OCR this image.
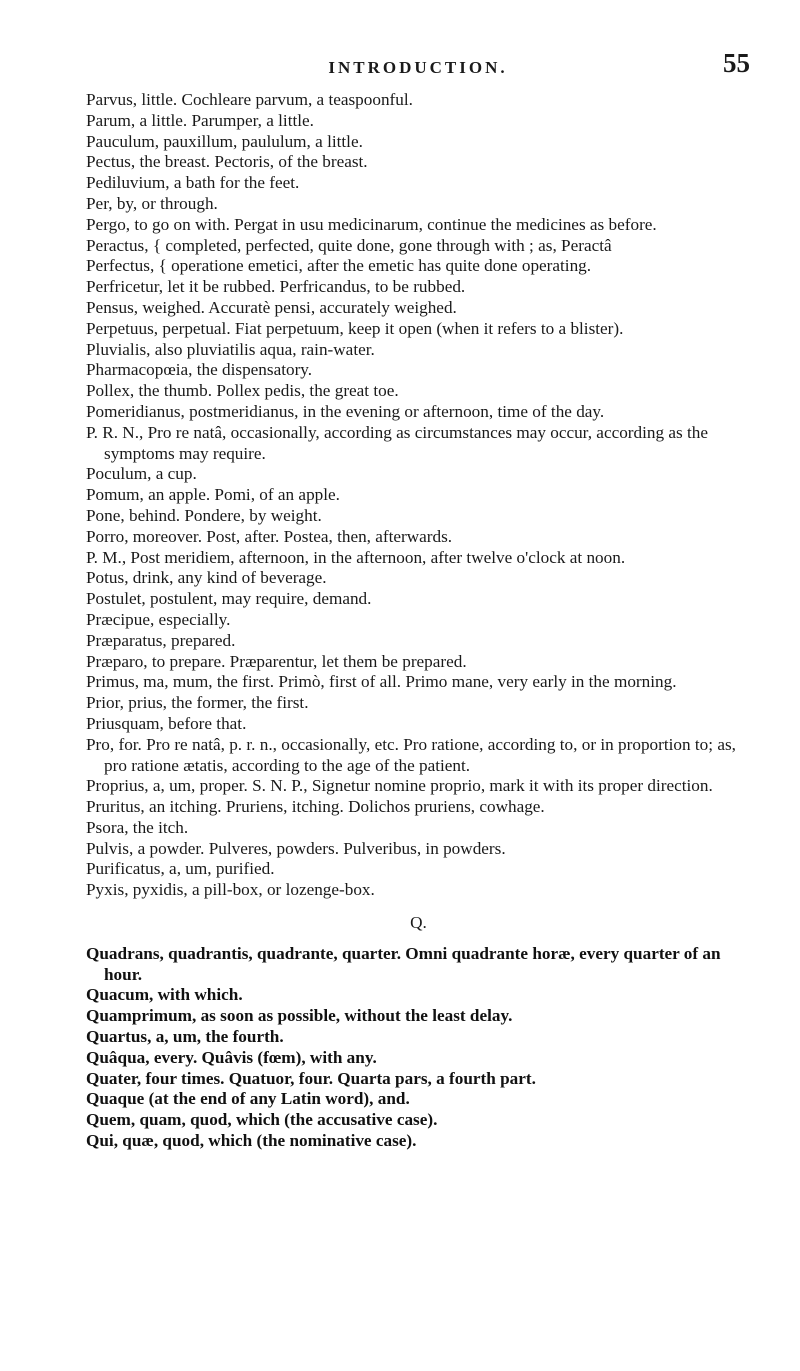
INTRODUCTION.	55

Parvus, little. Cochleare parvum, a teaspoonful.

Parum, a little. Parumper, a little.

Pauculum, pauxillum, paululum, a little.

Pectus, the breast. Pectoris, of the breast.

Pediluvium, a bath for the feet.

Per, by, or through.

Pergo, to go on with. Pergat in usu medicinarum, continue the medicines as before.

Peractus, { completed, perfected, quite done, gone through with ; as, Peractâ

Perfectus, { operatione emetici, after the emetic has quite done operating.

Perfricetur, let it be rubbed. Perfricandus, to be rubbed.

Pensus, weighed. Accuratè pensi, accurately weighed.

Perpetuus, perpetual. Fiat perpetuum, keep it open (when it refers to a blister).

Pluvialis, also pluviatilis aqua, rain-water.

Pharmacopœia, the dispensatory.

Pollex, the thumb. Pollex pedis, the great toe.

Pomeridianus, postmeridianus, in the evening or afternoon, time of the day.

P. R. N., Pro re natâ, occasionally, according as circumstances may occur, according as the symptoms may require.

Poculum, a cup.

Pomum, an apple. Pomi, of an apple.

Pone, behind. Pondere, by weight.

Porro, moreover. Post, after. Postea, then, afterwards.

P. M., Post meridiem, afternoon, in the afternoon, after twelve o'clock at noon.

Potus, drink, any kind of beverage.

Postulet, postulent, may require, demand.

Præcipue, especially.

Præparatus, prepared.

Præparo, to prepare. Præparentur, let them be prepared.

Primus, ma, mum, the first. Primò, first of all. Primo mane, very early in the morning.

Prior, prius, the former, the first.

Priusquam, before that.

Pro, for. Pro re natâ, p. r. n., occasionally, etc. Pro ratione, according to, or in proportion to; as, pro ratione ætatis, according to the age of the patient.

Proprius, a, um, proper. S. N. P., Signetur nomine proprio, mark it with its proper direction.

Pruritus, an itching. Pruriens, itching. Dolichos pruriens, cowhage.

Psora, the itch.

Pulvis, a powder. Pulveres, powders. Pulveribus, in powders.

Purificatus, a, um, purified.

Pyxis, pyxidis, a pill-box, or lozenge-box.

Q.

Quadrans, quadrantis, quadrante, quarter. Omni quadrante horæ, every quarter of an hour.

Quacum, with which.

Quamprimum, as soon as possible, without the least delay.

Quartus, a, um, the fourth.

Quâqua, every. Quâvis (fœm), with any.

Quater, four times. Quatuor, four. Quarta pars, a fourth part.

Quaque (at the end of any Latin word), and.

Quem, quam, quod, which (the accusative case).

Qui, quæ, quod, which (the nominative case).
